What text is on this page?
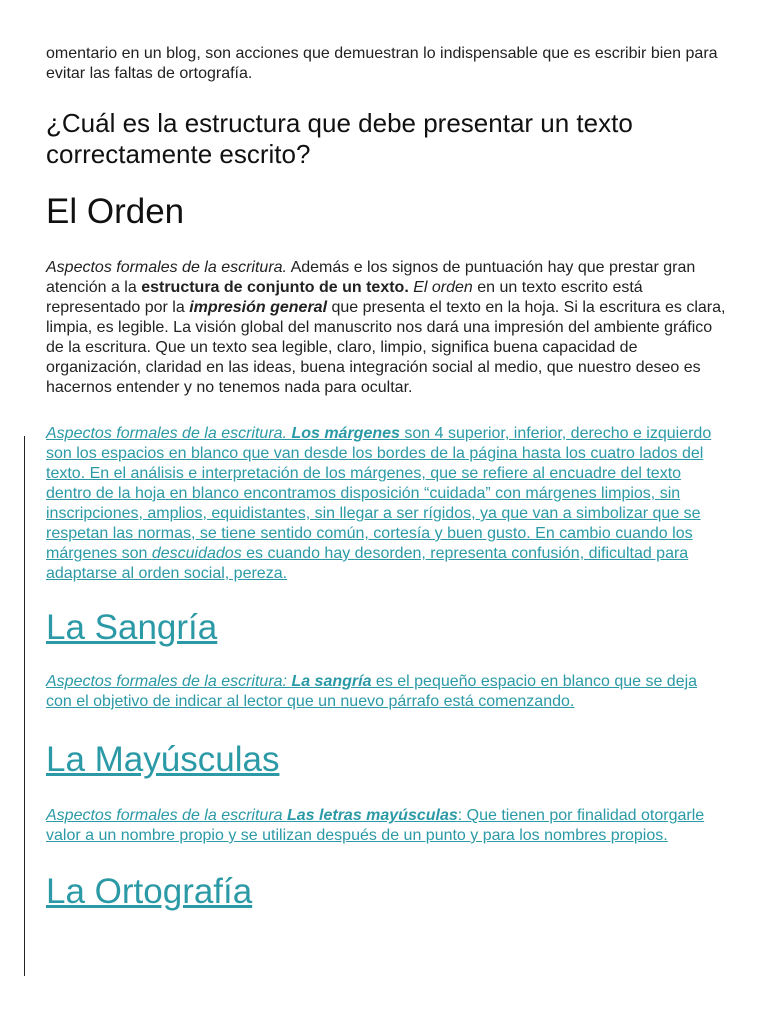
omentario en un blog, son acciones que demuestran lo indispensable que es escribir bien para evitar las faltas de ortografía.

¿Cuál es la estructura que debe presentar un texto correctamente escrito?
El Orden

Aspectos formales de la escritura. Además e los signos de puntuación hay que prestar gran atención a la estructura de conjunto de un texto. El orden en un texto escrito está representado por la impresión general que presenta el texto en la hoja. Si la escritura es clara, limpia, es legible. La visión global del manuscrito nos dará una impresión del ambiente gráfico de la escritura. Que un texto sea legible, claro, limpio, significa buena capacidad de organización, claridad en las ideas, buena integración social al medio, que nuestro deseo es hacernos entender y no tenemos nada para ocultar.

Aspectos formales de la escritura. Los márgenes son 4 superior, inferior, derecho e izquierdo son los espacios en blanco que van desde los bordes de la página hasta los cuatro lados del texto. En el análisis e interpretación de los márgenes, que se refiere al encuadre del texto dentro de la hoja en blanco encontramos disposición “cuidada” con márgenes limpios, sin inscripciones, amplios, equidistantes, sin llegar a ser rígidos, ya que van a simbolizar que se respetan las normas, se tiene sentido común, cortesía y buen gusto. En cambio cuando los márgenes son descuidados es cuando hay desorden, representa confusión, dificultad para adaptarse al orden social, pereza.

La Sangría

Aspectos formales de la escritura: La sangría es el pequeño espacio en blanco que se deja con el objetivo de indicar al lector que un nuevo párrafo está comenzando.

La Mayúsculas

Aspectos formales de la escritura Las letras mayúsculas: Que tienen por finalidad otorgarle valor a un nombre propio y se utilizan después de un punto y para los nombres propios.

La Ortografía
